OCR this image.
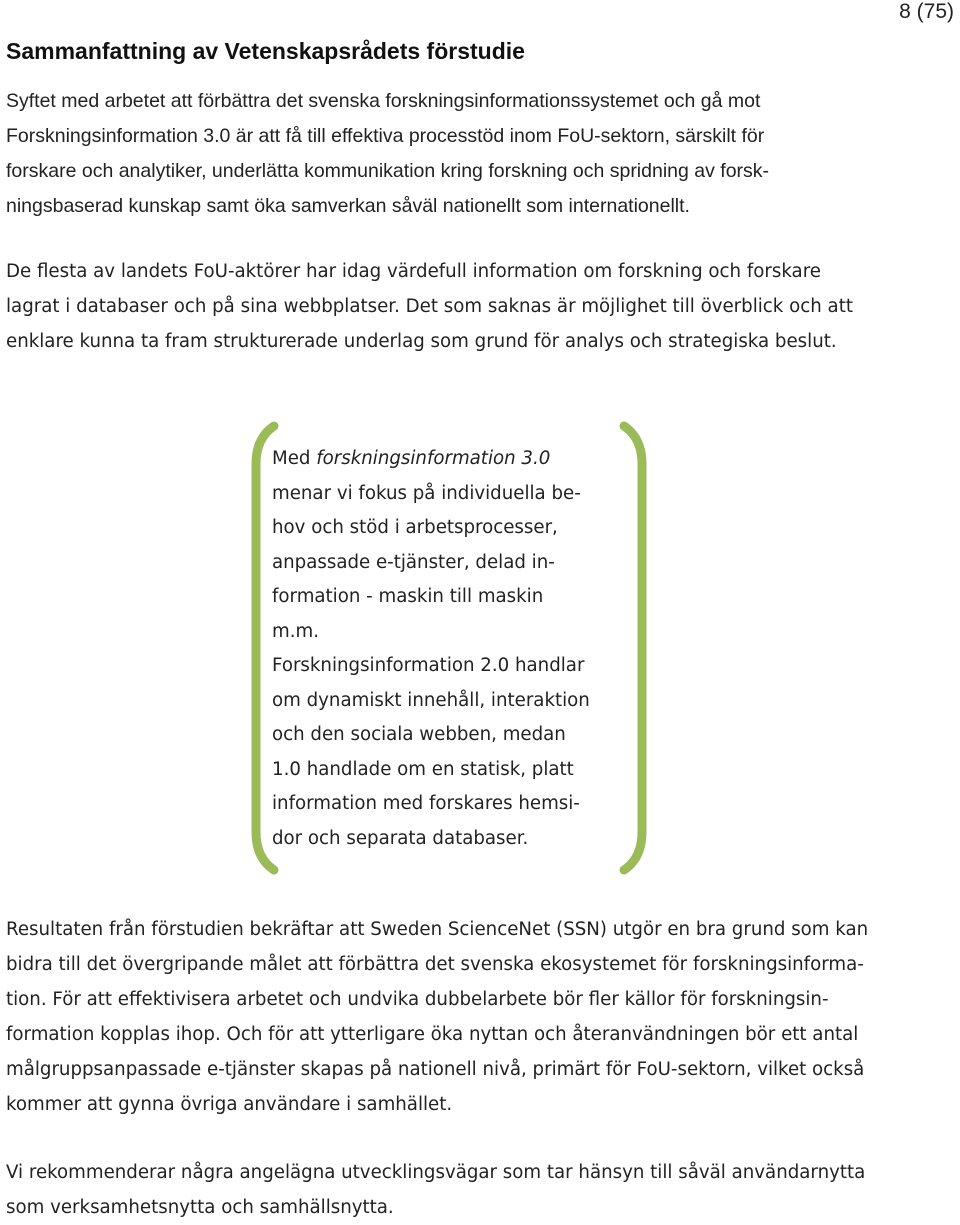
8 (75)
Sammanfattning av Vetenskapsrådets förstudie
Syftet med arbetet att förbättra det svenska forskningsinformationssystemet och gå mot
Forskningsinformation 3.0 är att få till effektiva processtöd inom FoU-sektorn, särskilt för
forskare och analytiker, underlätta kommunikation kring forskning och spridning av forsk-
ningsbaserad kunskap samt öka samverkan såväl nationellt som internationellt.
De flesta av landets FoU-aktörer har idag värdefull information om forskning och forskare
lagrat i databaser och på sina webbplatser. Det som saknas är möjlighet till överblick och att
enklare kunna ta fram strukturerade underlag som grund för analys och strategiska beslut.
Med forskningsinformation 3.0
menar vi fokus på individuella be-
hov och stöd i arbetsprocesser,
anpassade e-tjänster, delad in-
formation - maskin till maskin
m.m.
Forskningsinformation 2.0 handlar
om dynamiskt innehåll, interaktion
och den sociala webben, medan
1.0 handlade om en statisk, platt
information med forskares hemsi-
dor och separata databaser.
Resultaten från förstudien bekräftar att Sweden ScienceNet (SSN) utgör en bra grund som kan
bidra till det övergripande målet att förbättra det svenska ekosystemet för forskningsinforma-
tion. För att effektivisera arbetet och undvika dubbelarbete bör fler källor för forskningsin-
formation kopplas ihop. Och för att ytterligare öka nyttan och återanvändningen bör ett antal
målgruppsanpassade e-tjänster skapas på nationell nivå, primärt för FoU-sektorn, vilket också
kommer att gynna övriga användare i samhället.
Vi rekommenderar några angelägna utvecklingsvägar som tar hänsyn till såväl användarnytta
som verksamhetsnytta och samhällsnytta.
